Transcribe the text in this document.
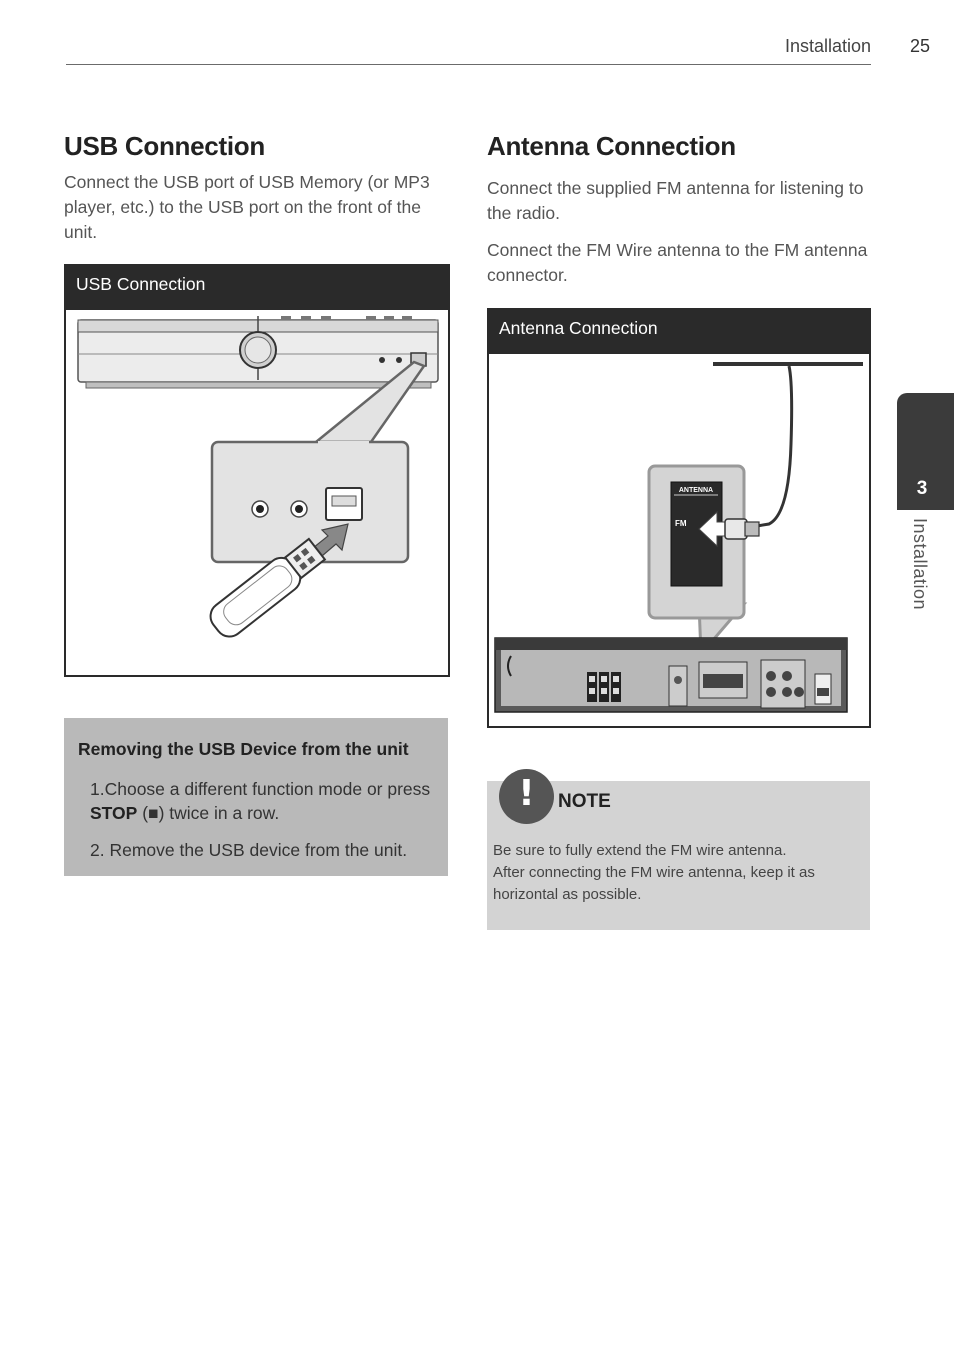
Installation	25
3
Installation
USB Connection

Connect the USB port of USB Memory (or MP3 player, etc.) to the USB port on the front of the unit.

USB Connection
Removing the USB Device from the unit
1.Choose a different function mode or press STOP (■) twice in a row.
2. Remove the USB device from the unit.
Antenna Connection

Connect the supplied FM antenna for listening to the radio.

Connect the FM Wire antenna to the FM antenna connector.

Antenna Connection
ANTENNA
FM
!	NOTE
Be sure to fully extend the FM wire antenna.
After connecting the FM wire antenna, keep it as horizontal as possible.
